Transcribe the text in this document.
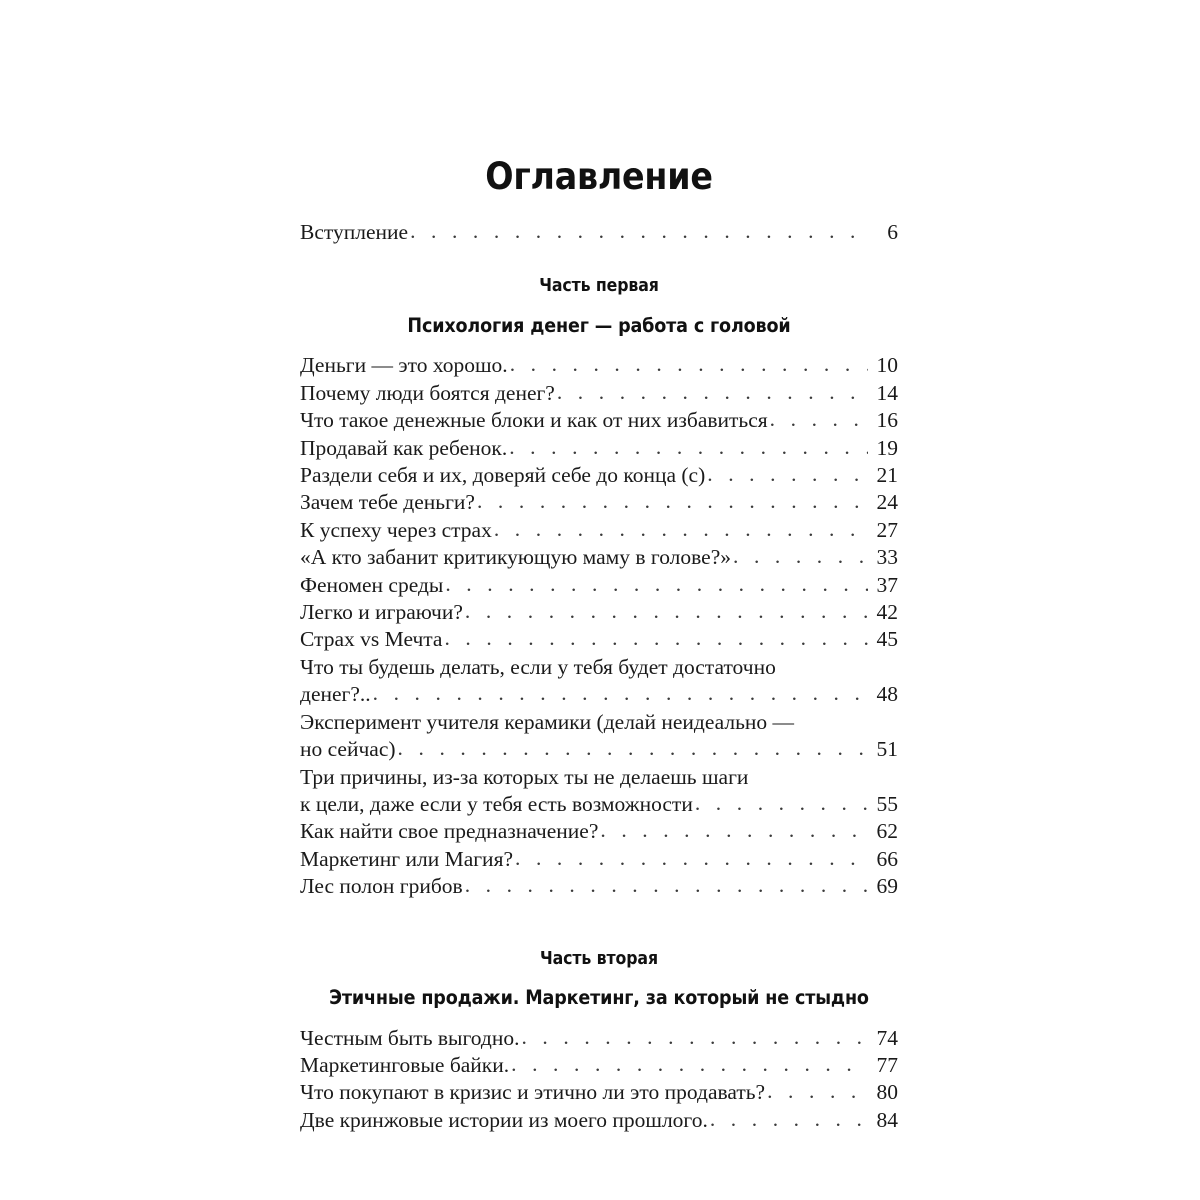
Оглавление
Вступление . . .	6
Часть первая
Психология денег — работа с головой
Деньги — это хорошо. . . .	10
Почему люди боятся денег? . . .	14
Что такое денежные блоки и как от них избавиться . . .	16
Продавай как ребенок. . . .	19
Раздели себя и их, доверяй себе до конца (с) . . .	21
Зачем тебе деньги? . . .	24
К успеху через страх . . .	27
«А кто забанит критикующую маму в голове?» . . .	33
Феномен среды . . .	37
Легко и играючи? . . .	42
Страх vs Мечта . . .	45
Что ты будешь делать, если у тебя будет достаточно
денег?.. . . .	48
Эксперимент учителя керамики (делай неидеально —
но сейчас) . . .	51
Три причины, из-за которых ты не делаешь шаги
к цели, даже если у тебя есть возможности . . .	55
Как найти свое предназначение? . . .	62
Маркетинг или Магия? . . .	66
Лес полон грибов . . .	69
Часть вторая
Этичные продажи. Маркетинг, за который не стыдно
Честным быть выгодно. . . .	74
Маркетинговые байки. . . .	77
Что покупают в кризис и этично ли это продавать? . . .	80
Две кринжовые истории из моего прошлого. . . .	84
